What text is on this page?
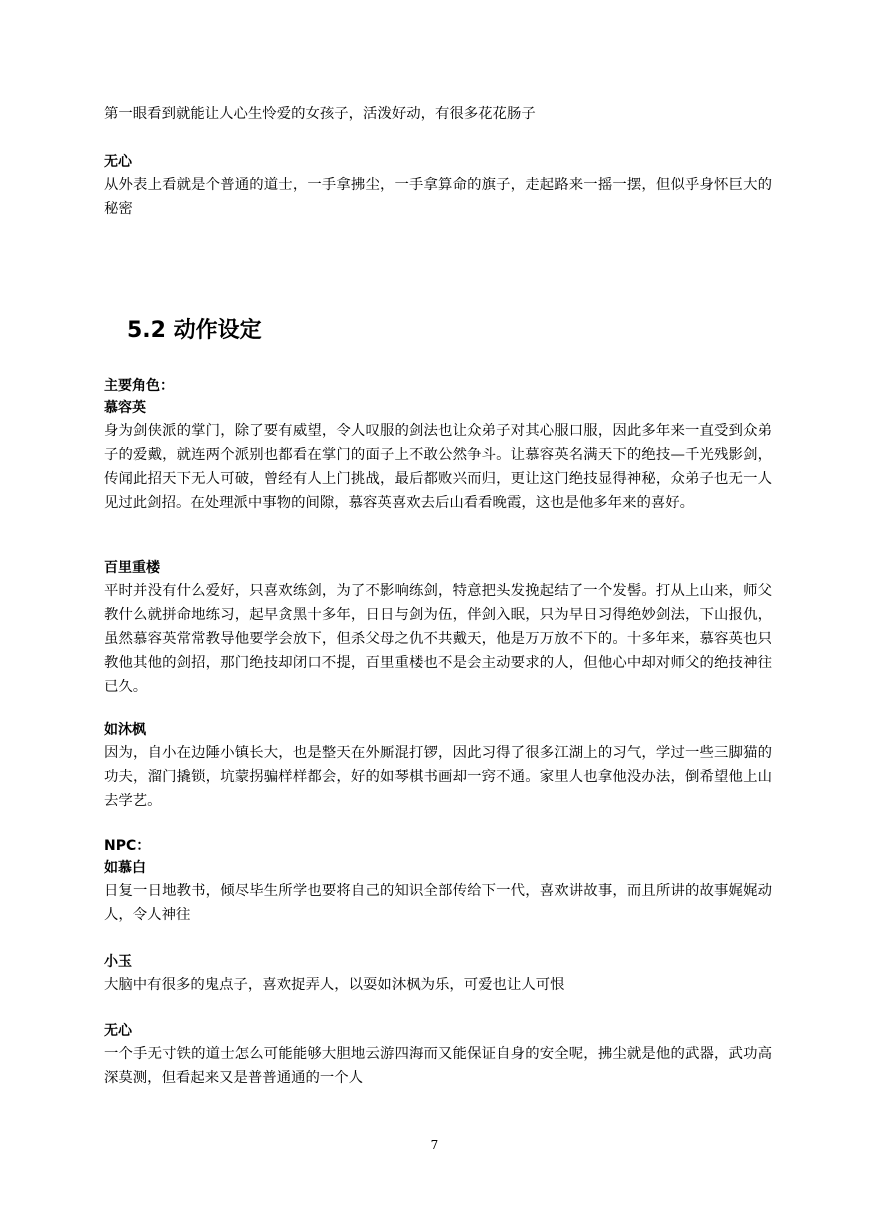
第一眼看到就能让人心生怜爱的女孩子，活泼好动，有很多花花肠子

无心

从外表上看就是个普通的道士，一手拿拂尘，一手拿算命的旗子，走起路来一摇一摆，但似乎身怀巨大的秘密

5.2 动作设定

主要角色：

慕容英

身为剑侠派的掌门，除了要有威望，令人叹服的剑法也让众弟子对其心服口服，因此多年来一直受到众弟子的爱戴，就连两个派别也都看在掌门的面子上不敢公然争斗。让慕容英名满天下的绝技—千光残影剑，传闻此招天下无人可破，曾经有人上门挑战，最后都败兴而归，更让这门绝技显得神秘，众弟子也无一人见过此剑招。在处理派中事物的间隙，慕容英喜欢去后山看看晚霞，这也是他多年来的喜好。

百里重楼

平时并没有什么爱好，只喜欢练剑，为了不影响练剑，特意把头发挽起结了一个发髻。打从上山来，师父教什么就拼命地练习，起早贪黑十多年，日日与剑为伍，伴剑入眠，只为早日习得绝妙剑法，下山报仇，虽然慕容英常常教导他要学会放下，但杀父母之仇不共戴天，他是万万放不下的。十多年来，慕容英也只教他其他的剑招，那门绝技却闭口不提，百里重楼也不是会主动要求的人，但他心中却对师父的绝技神往已久。

如沐枫

因为，自小在边陲小镇长大，也是整天在外厮混打锣，因此习得了很多江湖上的习气，学过一些三脚猫的功夫，溜门撬锁，坑蒙拐骗样样都会，好的如琴棋书画却一窍不通。家里人也拿他没办法，倒希望他上山去学艺。

NPC：

如慕白

日复一日地教书，倾尽毕生所学也要将自己的知识全部传给下一代，喜欢讲故事，而且所讲的故事娓娓动人，令人神往

小玉

大脑中有很多的鬼点子，喜欢捉弄人，以耍如沐枫为乐，可爱也让人可恨

无心

一个手无寸铁的道士怎么可能能够大胆地云游四海而又能保证自身的安全呢，拂尘就是他的武器，武功高深莫测，但看起来又是普普通通的一个人

7
